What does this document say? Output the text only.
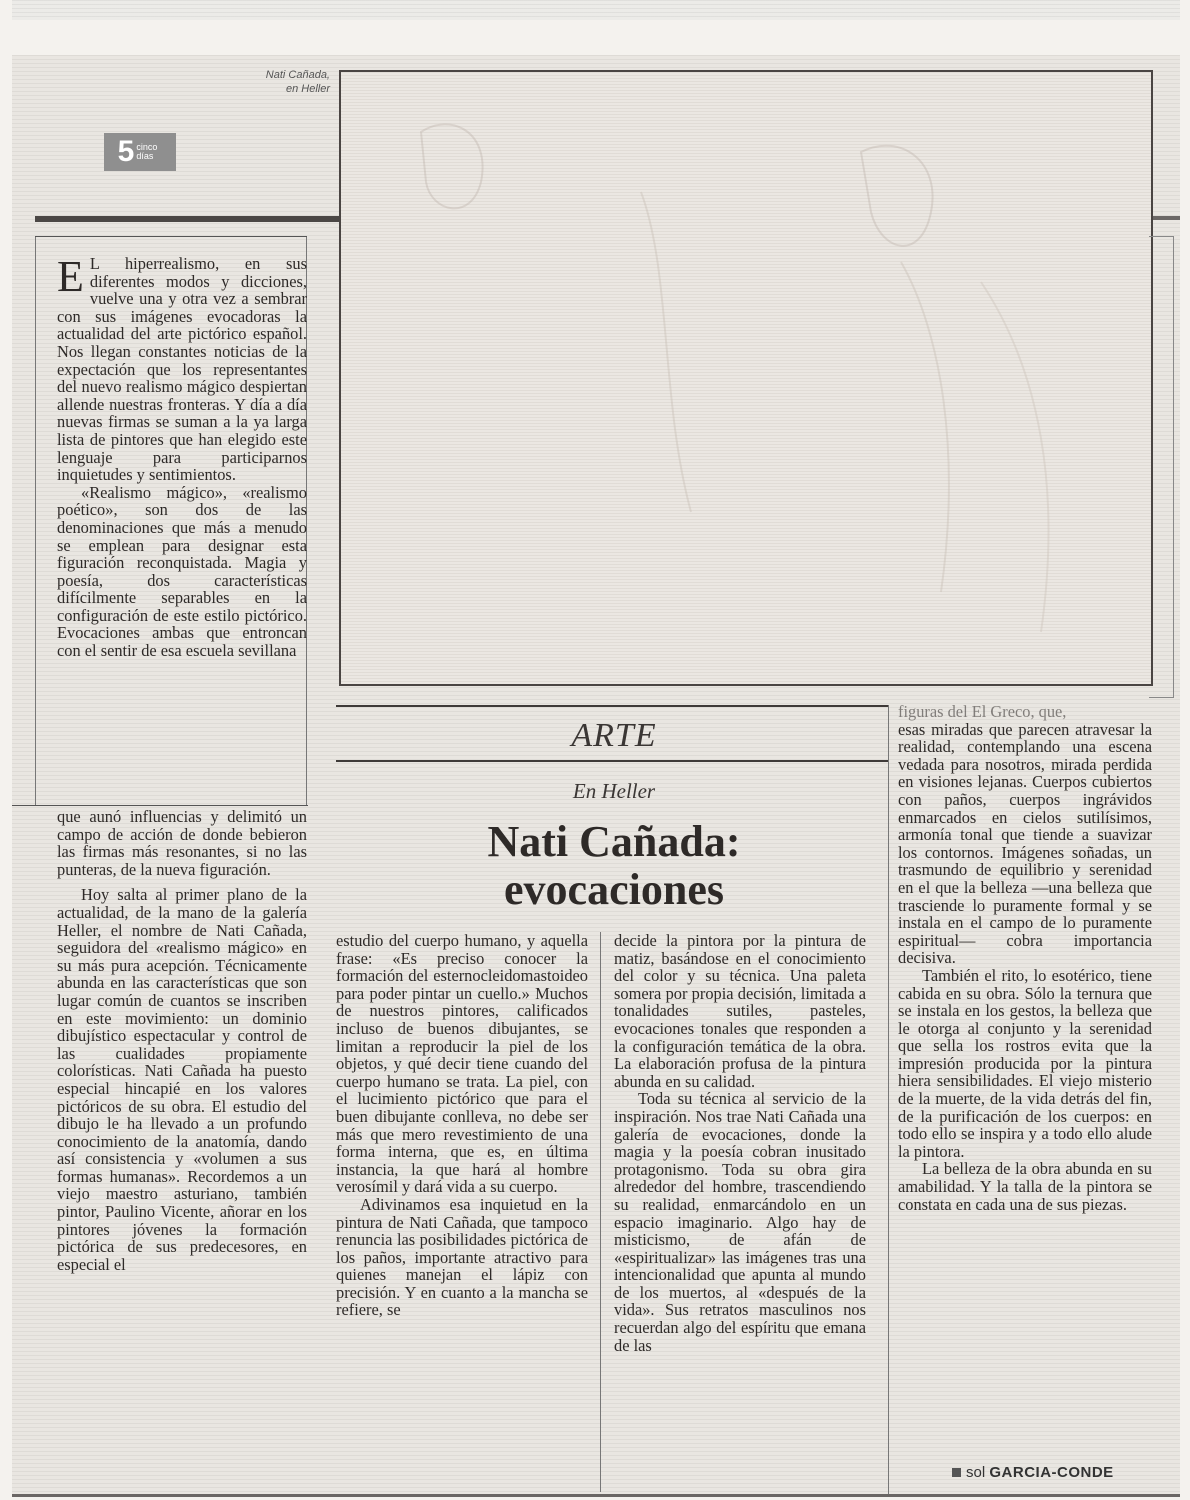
Nati Cañada,
en Heller
5 cinco días
ARTE
En Heller
Nati Cañada:
evocaciones

E L hiperrealismo, en sus diferentes modos y dicciones, vuelve una y otra vez a sembrar con sus imágenes evocadoras la actualidad del arte pictórico español. Nos llegan constantes noticias de la expectación que los representantes del nuevo realismo mágico despiertan allende nuestras fronteras. Y día a día nuevas firmas se suman a la ya larga lista de pintores que han elegido este lenguaje para participarnos inquietudes y sentimientos.

«Realismo mágico», «realismo poético», son dos de las denominaciones que más a menudo se emplean para designar esta figuración reconquistada. Magia y poesía, dos características difícilmente separables en la configuración de este estilo pictórico. Evocaciones ambas que entroncan con el sentir de esa escuela sevillana

que aunó influencias y delimitó un campo de acción de donde bebieron las firmas más resonantes, si no las punteras, de la nueva figuración.

Hoy salta al primer plano de la actualidad, de la mano de la galería Heller, el nombre de Nati Cañada, seguidora del «realismo mágico» en su más pura acepción. Técnicamente abunda en las características que son lugar común de cuantos se inscriben en este movimiento: un dominio dibujístico espectacular y control de las cualidades propiamente colorísticas. Nati Cañada ha puesto especial hincapié en los valores pictóricos de su obra. El estudio del dibujo le ha llevado a un profundo conocimiento de la anatomía, dando así consistencia y «volumen a sus formas humanas». Recordemos a un viejo maestro asturiano, también pintor, Paulino Vicente, añorar en los pintores jóvenes la formación pictórica de sus predecesores, en especial el

estudio del cuerpo humano, y aquella frase: «Es preciso conocer la formación del esternocleidomastoideo para poder pintar un cuello.» Muchos de nuestros pintores, calificados incluso de buenos dibujantes, se limitan a reproducir la piel de los objetos, y qué decir tiene cuando del cuerpo humano se trata. La piel, con el lucimiento pictórico que para el buen dibujante conlleva, no debe ser más que mero revestimiento de una forma interna, que es, en última instancia, la que hará al hombre verosímil y dará vida a su cuerpo.

Adivinamos esa inquietud en la pintura de Nati Cañada, que tampoco renuncia las posibilidades pictórica de los paños, importante atractivo para quienes manejan el lápiz con precisión. Y en cuanto a la mancha se refiere, se

decide la pintora por la pintura de matiz, basándose en el conocimiento del color y su técnica. Una paleta somera por propia decisión, limitada a tonalidades sutiles, pasteles, evocaciones tonales que responden a la configuración temática de la obra. La elaboración profusa de la pintura abunda en su calidad.

Toda su técnica al servicio de la inspiración. Nos trae Nati Cañada una galería de evocaciones, donde la magia y la poesía cobran inusitado protagonismo. Toda su obra gira alrededor del hombre, trascendiendo su realidad, enmarcándolo en un espacio imaginario. Algo hay de misticismo, de afán de «espiritualizar» las imágenes tras una intencionalidad que apunta al mundo de los muertos, al «después de la vida». Sus retratos masculinos nos recuerdan algo del espíritu que emana de las

figuras del El Greco, que,

esas miradas que parecen atravesar la realidad, contemplando una escena vedada para nosotros, mirada perdida en visiones lejanas. Cuerpos cubiertos con paños, cuerpos ingrávidos enmarcados en cielos sutilísimos, armonía tonal que tiende a suavizar los contornos. Imágenes soñadas, un trasmundo de equilibrio y serenidad en el que la belleza —una belleza que trasciende lo puramente formal y se instala en el campo de lo puramente espiritual— cobra importancia decisiva.

También el rito, lo esotérico, tiene cabida en su obra. Sólo la ternura que se instala en los gestos, la belleza que le otorga al conjunto y la serenidad que sella los rostros evita que la impresión producida por la pintura hiera sensibilidades. El viejo misterio de la muerte, de la vida detrás del fin, de la purificación de los cuerpos: en todo ello se inspira y a todo ello alude la pintora.

La belleza de la obra abunda en su amabilidad. Y la talla de la pintora se constata en cada una de sus piezas.

sol GARCIA-CONDE
